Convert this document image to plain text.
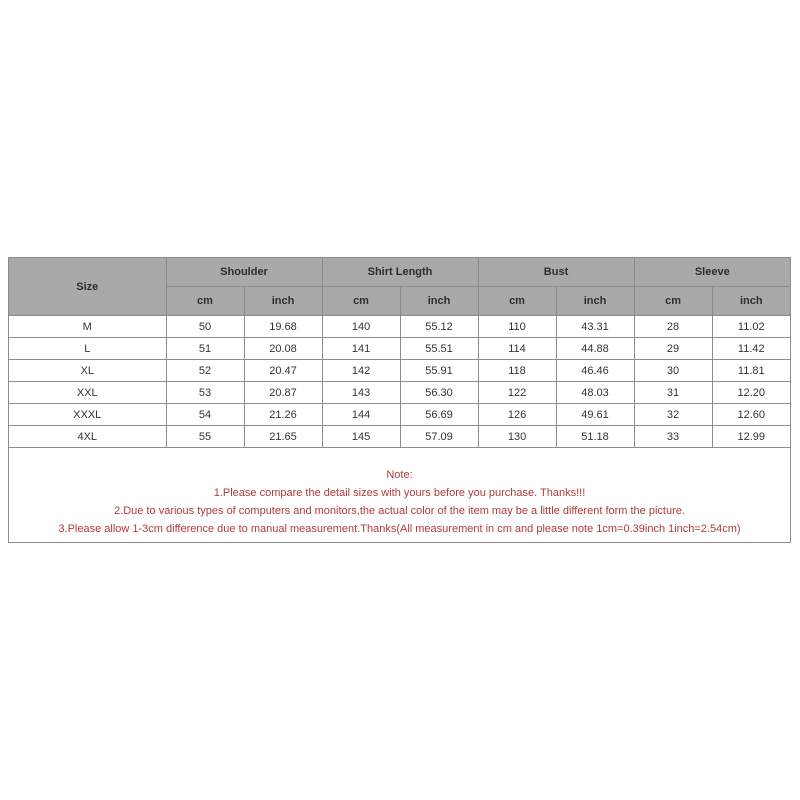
Size	Shoulder		Shirt Length		Bust		Sleeve	
	cm	inch	cm	inch	cm	inch	cm	inch
M	50	19.68	140	55.12	110	43.31	28	11.02
L	51	20.08	141	55.51	114	44.88	29	11.42
XL	52	20.47	142	55.91	118	46.46	30	11.81
XXL	53	20.87	143	56.30	122	48.03	31	12.20
XXXL	54	21.26	144	56.69	126	49.61	32	12.60
4XL	55	21.65	145	57.09	130	51.18	33	12.99
Note:
1.Please compare the detail sizes with yours before you purchase. Thanks!!!
2.Due to various types of computers and monitors,the actual color of the item may be a little different form the picture.
3.Please allow 1-3cm difference due to manual measurement.Thanks(All measurement in cm and please note 1cm=0.39inch 1inch=2.54cm)
